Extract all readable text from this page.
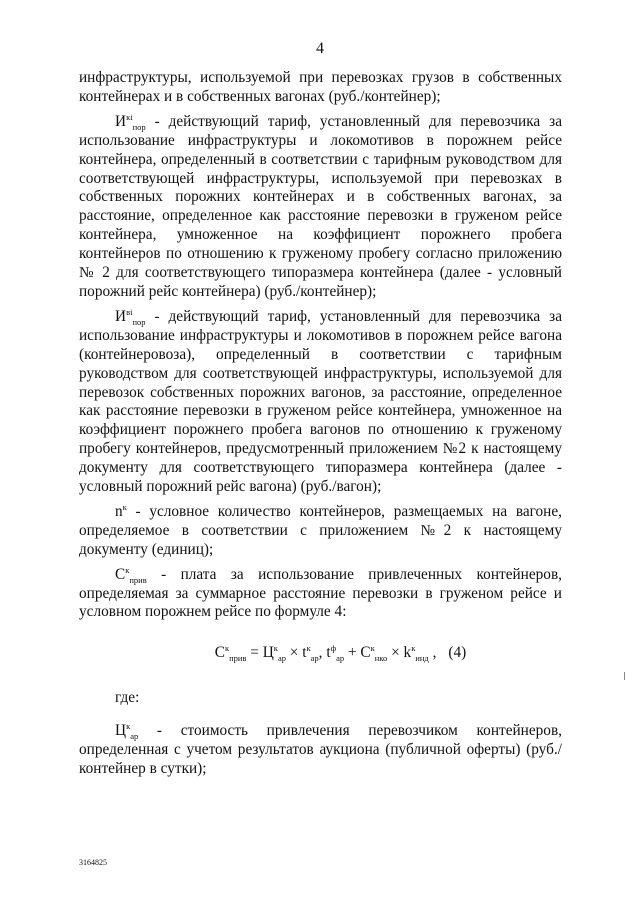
4

инфраструктуры, используемой при перевозках грузов в собственных контейнерах и в собственных вагонах (руб./контейнер);

$И^{кi}_{пор}$ - действующий тариф, установленный для перевозчика за использование инфраструктуры и локомотивов в порожнем рейсе контейнера, определенный в соответствии с тарифным руководством для соответствующей инфраструктуры, используемой при перевозках в собственных порожних контейнерах и в собственных вагонах, за расстояние, определенное как расстояние перевозки в груженом рейсе контейнера, умноженное на коэффициент порожнего пробега контейнеров по отношению к груженому пробегу согласно приложению № 2 для соответствующего типоразмера контейнера (далее - условный порожний рейс контейнера) (руб./контейнер);

$И^{вi}_{пор}$ - действующий тариф, установленный для перевозчика за использование инфраструктуры и локомотивов в порожнем рейсе вагона (контейнеровоза), определенный в соответствии с тарифным руководством для соответствующей инфраструктуры, используемой для перевозок собственных порожних вагонов, за расстояние, определенное как расстояние перевозки в груженом рейсе контейнера, умноженное на коэффициент порожнего пробега вагонов по отношению к груженому пробегу контейнеров, предусмотренный приложением №2 к настоящему документу для соответствующего типоразмера контейнера (далее - условный порожний рейс вагона) (руб./вагон);

$n^к$ - условное количество контейнеров, размещаемых на вагоне, определяемое в соответствии с приложением №2 к настоящему документу (единиц);

$С^к_{прив}$ - плата за использование привлеченных контейнеров, определяемая за суммарное расстояние перевозки в груженом рейсе и условном порожнем рейсе по формуле 4:

$С^к_{прив} = Ц^к_{ар} \times t^к_{ар}$, $t^ф_{ар} + С^к_{нко} \times k^к_{инд}$ , (4)

где:

$Ц^к_{ар}$ - стоимость привлечения перевозчиком контейнеров, определенная с учетом результатов аукциона (публичной оферты) (руб./контейнер в сутки);

3164825
